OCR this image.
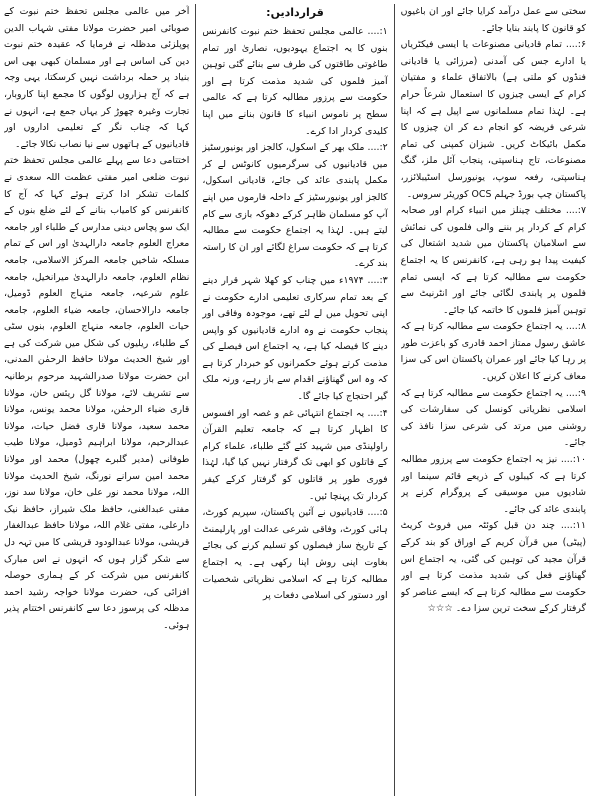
آخر میں عالمی مجلس تحفظ ختم نبوت کے صوبائی امیر حضرت مولانا مفتی شہاب الدین پوپلزئی مدظلہ نے فرمایا کہ عقیدہ ختم نبوت دین کی اساس ہے اور مسلمان کبھی بھی اس بنیاد پر حملہ برداشت نہیں کرسکتا، یہی وجہ ہے کہ آج ہزاروں لوگوں کا مجمع اپنا کاروبار، تجارت وغیرہ چھوڑ کر یہاں جمع ہے، انہوں نے کہا کہ چناب نگر کے تعلیمی اداروں اور قادیانیوں کے ہاتھوں سے نیا نصاب نکالا جائے۔

اختتامی دعا سے پہلے عالمی مجلس تحفظ ختم نبوت ضلعی امیر مفتی عظمت اللہ سعدی نے کلمات تشکر ادا کرتے ہوئے کہا کہ آج کا کانفرنس کو کامیاب بنانے کے لئے ضلع بنوں کے ایک سو پچاس دینی مدارس کے طلباء اور جامعہ معراج العلوم جامعہ دارالہدیٰ اور اس کے تمام مسلکہ شاخیں جامعہ المرکز الاسلامی، جامعہ نظام العلوم، جامعہ دارالہدیٰ میرانخیل، جامعہ علوم شرعیہ، جامعہ منہاج العلوم ڈومیل، جامعہ دارالاحسان، جامعہ ضیاء العلوم، جامعہ حیات العلوم، جامعہ منہاج العلوم، بنوں سٹی کے طلباء، ریلیوں کی شکل میں شرکت کی ہے اور شیخ الحدیث مولانا حافظ الرحمٰن المدنی، ابن حضرت مولانا صدرالشہید مرحوم برطانیہ سے تشریف لائے، مولانا گل ریئس خان، مولانا قاری ضیاء الرحمٰن، مولانا محمد یونس، مولانا محمد سعید، مولانا قاری فضل حیات، مولانا عبدالرحیم، مولانا ابراہیم ڈومیل، مولانا طیب طوفانی (مدیر گلبرے چھول) محمد اور مولانا محمد امین سرانے نورنگ، شیخ الحدیث مولانا اللہ، مولانا محمد نور علی خان، مولانا سد نوز، مفتی عبدالغنی، حافظ ملک شیراز، حافظ نیک دارعلی، مفتی غلام اللہ، مولانا حافظ عبدالغفار قریشی، مولانا عبدالودود قریشی کا میں تہہ دل سے شکر گزار ہوں کہ انہوں نے اس مبارک کانفرنس میں شرکت کر کے ہماری حوصلہ افزائی کی، حضرت مولانا خواجہ رشید احمد مدظلہ کی پرسوز دعا سے کانفرنس اختتام پذیر ہوئی۔

قراردادیں:

۱:.... عالمی مجلس تحفظ ختم نبوت کانفرنس بنوں کا یہ اجتماع یہودیوں، نصاریٰ اور تمام طاغوتی طاقتوں کی طرف سے بنائے گئی توہین آمیز فلموں کی شدید مذمت کرتا ہے اور حکومت سے پرزور مطالبہ کرتا ہے کہ عالمی سطح پر ناموس انبیاء کا قانون بنانے میں اپنا کلیدی کردار ادا کرے۔

۲:.... ملک بھر کے اسکول، کالجز اور یونیورسٹیز میں قادیانیوں کی سرگرمیوں کانوٹس لے کر مکمل پابندی عائد کی جائے، قادیانی اسکول، کالجز اور یونیورسٹیز کے داخلہ فارموں میں اپنے آپ کو مسلمان ظاہر کرکے دھوکہ بازی سے کام لیتے ہیں۔ لہٰذا یہ اجتماع حکومت سے مطالبہ کرتا ہے کہ حکومت سراغ لگائے اور ان کا راستہ بند کرے۔

۳:.... ۱۹۷۴ء میں چناب کو کھلا شہر قرار دینے کے بعد تمام سرکاری تعلیمی ادارے حکومت نے اپنی تحویل میں لے لئے تھے، موجودہ وفاقی اور پنجاب حکومت نے وہ ادارے قادیانیوں کو واپس دینے کا فیصلہ کیا ہے، یہ اجتماع اس فیصلے کی مذمت کرتے ہوئے حکمرانوں کو خبردار کرتا ہے کہ وہ اس گھناؤنے اقدام سے باز رہے، ورنہ ملک گیر احتجاج کیا جائے گا۔

۴:.... یہ اجتماع انتہائی غم و غصہ اور افسوس کا اظہار کرتا ہے کہ جامعہ تعلیم القرآن راولپنڈی میں شہید کئے گئے طلباء، علماء کرام کے قاتلوں کو ابھی تک گرفتار نہیں کیا گیا، لہٰذا فوری طور پر قاتلوں کو گرفتار کرکے کیفر کردار تک پہنچا ئیں۔

۵:.... قادیانیوں نے آئین پاکستان، سپریم کورٹ، ہائی کورٹ، وفاقی شرعی عدالت اور پارلیمنٹ کے تاریخ ساز فیصلوں کو تسلیم کرنے کی بجائے بغاوت اپنی روش اپنا رکھی ہے۔ یہ اجتماع مطالبہ کرتا ہے کہ اسلامی نظریاتی شخصیات اور دستور کی اسلامی دفعات پر

سختی سے عمل درآمد کرایا جائے اور ان باغیوں کو قانون کا پابند بنایا جائے۔

۶:.... تمام قادیانی مصنوعات یا ایسی فیکٹریاں یا ادارے جس کی آمدنی (مرزائی یا قادیانی فنڈوں کو ملتی ہے) بالاتفاق علماء و مفتیان کرام کے ایسی چیزوں کا استعمال شرعاً حرام ہے۔ لہٰذا تمام مسلمانوں سے اپیل ہے کہ اپنا شرعی فریضہ کو انجام دے کر ان چیزوں کا مکمل بائیکاٹ کریں۔ شیزان کمپنی کی تمام مصنوعات، تاج ہناسپتی، پنجاب آئل ملز، گنگ ہناسپتی، رفعہ سوپ، یونیورسل اسٹیبلائزر، پاکستان چپ بورڈ جہلم OCS کوریئر سروس۔

۷:.... مختلف چینلز میں انبیاء کرام اور صحابہ کرام کے کردار پر بننے والی فلموں کی نمائش سے اسلامیان پاکستان میں شدید اشتعال کی کیفیت پیدا ہو رہی ہے، کانفرنس کا یہ اجتماع حکومت سے مطالبہ کرتا ہے کہ ایسی تمام فلموں پر پابندی لگائی جائے اور انٹرنیٹ سے توہین آمیز فلموں کا خاتمہ کیا جائے۔

۸:.... یہ اجتماع حکومت سے مطالبہ کرتا ہے کہ عاشق رسول ممتاز احمد قادری کو باعزت طور پر رہا کیا جائے اور عمران پاکستان اس کی سزا معاف کرنے کا اعلان کریں۔

۹:.... یہ اجتماع حکومت سے مطالبہ کرتا ہے کہ اسلامی نظریاتی کونسل کی سفارشات کی روشنی میں مرتد کی شرعی سزا نافذ کی جائے۔

۱۰:.... نیز یہ اجتماع حکومت سے پرزور مطالبہ کرتا ہے کہ کیبلوں کے ذریعے قائم سینما اور شادیوں میں موسیقی کے پروگرام کرنے پر پابندی عائد کی جائے۔

۱۱:.... چند دن قبل کوئٹہ میں فروٹ کریٹ (پیٹی) میں قرآن کریم کے اوراق کو بند کرکے قرآن مجید کی توہین کی گئی، یہ اجتماع اس گھناؤنے فعل کی شدید مذمت کرتا ہے اور حکومت سے مطالبہ کرتا ہے کہ ایسے عناصر کو گرفتار کرکے سخت ترین سزا دے۔ ☆☆☆
